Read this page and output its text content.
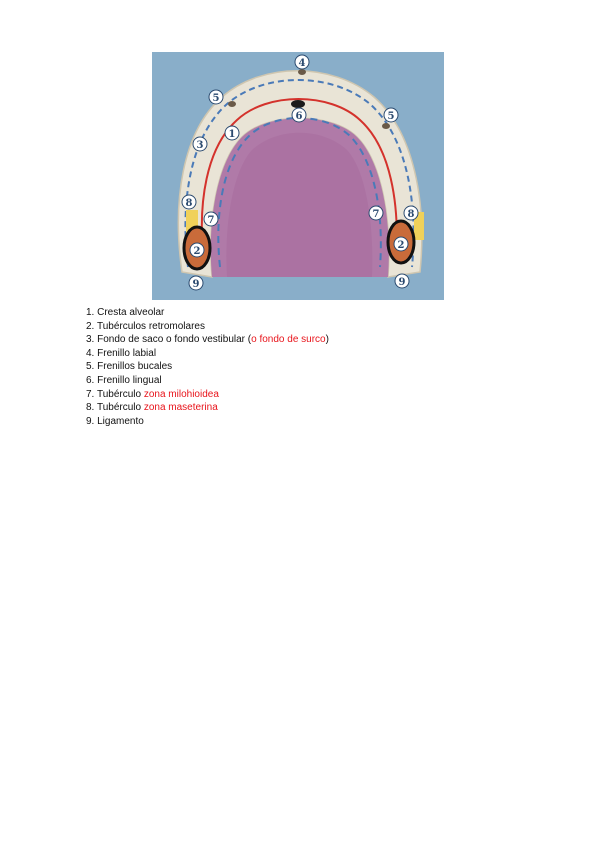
4
5
5
6
1
3
8
7
7	8
2
2
9	9
1. Cresta alveolar
2. Tubérculos retromolares
3. Fondo de saco o fondo vestibular (o fondo de surco)
4. Frenillo labial
5. Frenillos bucales
6. Frenillo lingual
7. Tubérculo zona milohioidea
8. Tubérculo zona maseterina
9. Ligamento
